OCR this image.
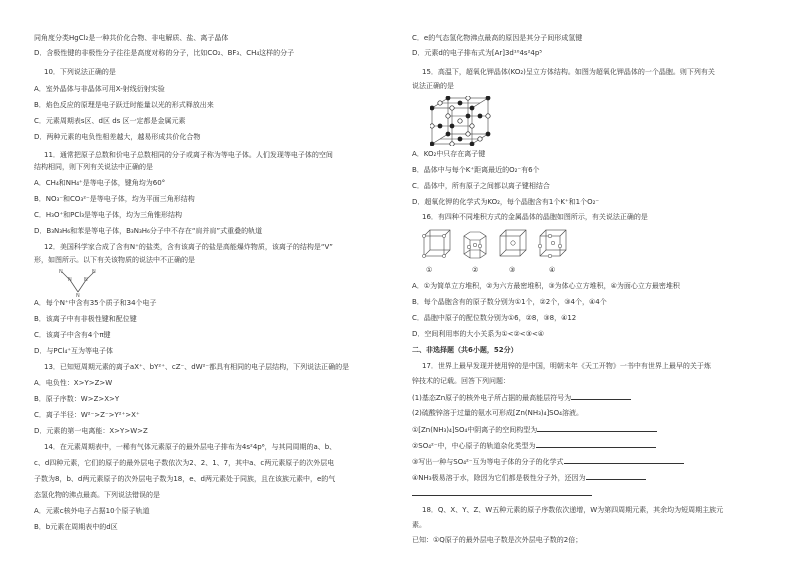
同角度分类HgCl₂是一种共价化合物、非电解质、盐、离子晶体
D．含极性键的非极性分子往往是高度对称的分子，比如CO₂、BF₃、CH₄这样的分子
10．下列说法正确的是
A．室外晶体与非晶体可用X-射线衍射实验
B．焰色反应的原理是电子跃迁时能量以光的形式释放出来
C．元素周期表s区、d区 ds 区一定都是金属元素
D．两种元素的电负性相差越大，越易形成共价化合物
11．通常把原子总数和价电子总数相同的分子或离子称为等电子体。人们发现等电子体的空间
结构相同，则下列有关说法中正确的是
A．CH₄和NH₄⁺是等电子体，键角均为60°
B．NO₃⁻和CO₃²⁻是等电子体，均为平面三角形结构
C．H₃O⁺和PCl₃是等电子体，均为三角锥形结构
D．B₃N₃H₆和苯是等电子体，B₃N₃H₆分子中不存在“肩并肩”式重叠的轨道
12．美国科学家合成了含有N⁺的盐类，含有该离子的盐是高能爆炸物质，该离子的结构是“V”
形，如图所示。以下有关该物质的说法中不正确的是
N
N
N
N
N
A．每个N⁺中含有35个质子和34个电子
B．该离子中有非极性键和配位键
C．该离子中含有4个π键
D．与PCl₄⁺互为等电子体
13．已知短周期元素的离子aX⁺、bY²⁺、cZ⁻、dW²⁻都具有相同的电子层结构，下列说法正确的是
A．电负性：X>Y>Z>W
B．原子序数：W>Z>X>Y
C．离子半径：W²⁻>Z⁻>Y²⁺>X⁺
D．元素的第一电离能：X>Y>W>Z
14．在元素周期表中，一稀有气体元素原子的最外层电子排布为4s²4p⁶，与其同周期的a、b、
c、d四种元素，它们的原子的最外层电子数依次为2、2、1、7，其中a、c两元素原子的次外层电
子数为8，b、d两元素原子的次外层电子数为18，e、d两元素处于同族，且在该族元素中，e的气
态氢化物的沸点最高。下列说法错误的是
A．元素c核外电子占据10个原子轨道
B．b元素在周期表中的d区
C．e的气态氢化物沸点最高的原因是其分子间形成氢键
D．元素d的电子排布式为[Ar]3d¹⁰4s²4p⁵
15．高温下，超氧化钾晶体(KO₂)呈立方体结构。如图为超氧化钾晶体的一个晶胞。则下列有关
说法正确的是
A．KO₂中只存在离子键
B．晶体中与每个K⁺距离最近的O₂⁻有6个
C．晶体中，所有原子之间都以离子键相结合
D．超氧化钾的化学式为KO₂，每个晶胞含有1个K⁺和1个O₂⁻
16．有四种不同堆积方式的金属晶体的晶胞如图所示，有关说法正确的是
①	②	③	④
A．①为简单立方堆积，②为六方最密堆积，③为体心立方堆积，④为面心立方最密堆积
B．每个晶胞含有的原子数分别为①1个，②2个，③4个，④4个
C．晶胞中原子的配位数分别为①6，②8，③8，④12
D．空间利用率的大小关系为①<②<③<④
二、非选择题（共6小题，52分）
17．世界上最早发现并使用锌的是中国，明朝末年《天工开物》一书中有世界上最早的关于炼
锌技术的记载。回答下列问题：
(1)基态Zn原子的核外电子所占据的最高能层符号为
(2)硫酸锌溶于过量的氨水可形成[Zn(NH₃)₄]SO₄溶液。
①[Zn(NH₃)₄]SO₄中阴离子的空间构型为
②SO₄²⁻中，中心原子的轨道杂化类型为
③写出一种与SO₄²⁻互为等电子体的分子的化学式
④NH₃极易溶于水，除因为它们都是极性分子外，还因为
18．Q、X、Y、Z、W五种元素的原子序数依次递增，W为第四周期元素，其余均为短周期主族元
素。
已知：①Q原子的最外层电子数是次外层电子数的2倍；
